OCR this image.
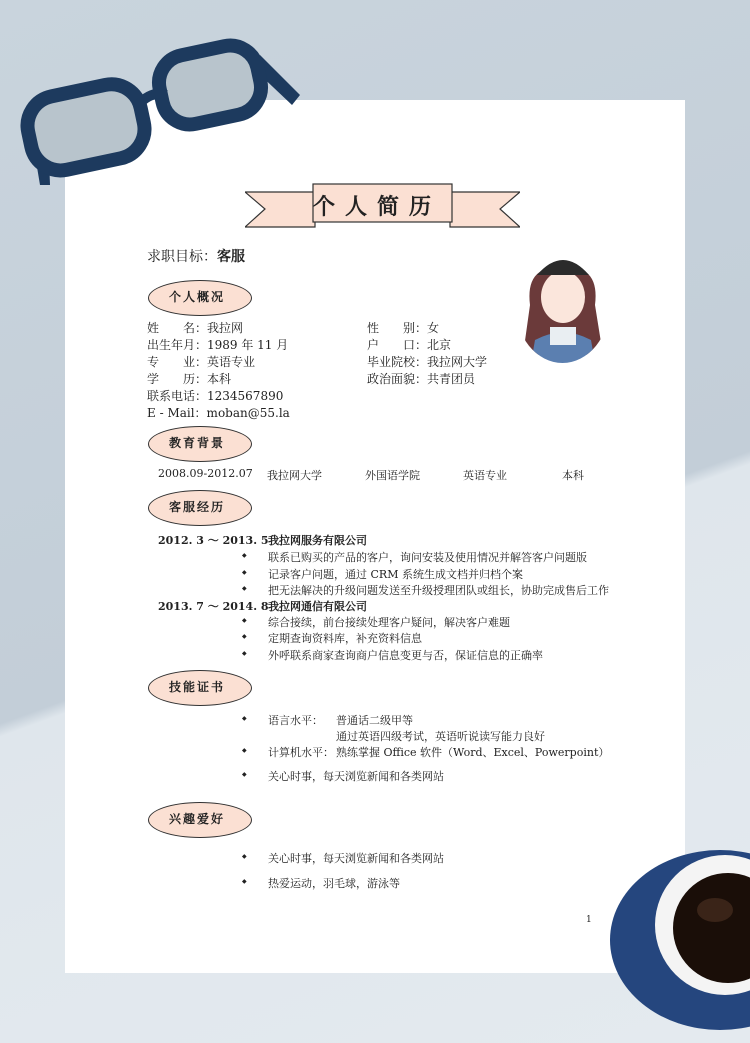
个人简历
求职目标：客服
个人概况
姓　　名：我拉网
出生年月：1989 年 11 月
专　　业：英语专业
学　　历：本科
联系电话：1234567890
E - Mail：moban@55.la
性　　别：女
户　　口：北京
毕业院校：我拉网大学
政治面貌：共青团员
教育背景
2008.09-2012.07 我拉网大学	外国语学院	英语专业	本科
客服经历
2012. 3 ～ 2013. 5 我拉网服务有限公司
◆ 联系已购买的产品的客户，询问安装及使用情况并解答客户问题版
◆ 记录客户问题，通过 CRM 系统生成文档并归档个案
◆ 把无法解决的升级问题发送至升级授理团队或组长，协助完成售后工作
2013. 7 ～ 2014. 8 我拉网通信有限公司
◆ 综合接续，前台接续处理客户疑问，解决客户难题
◆ 定期查询资料库，补充资料信息
◆ 外呼联系商家查询商户信息变更与否，保证信息的正确率
技能证书
◆ 语言水平： 普通话二级甲等
通过英语四级考试，英语听说读写能力良好
◆ 计算机水平： 熟练掌握 Office 软件（Word、Excel、Powerpoint）
◆ 关心时事，每天浏览新闻和各类网站
兴趣爱好
◆ 关心时事，每天浏览新闻和各类网站
◆ 热爱运动，羽毛球，游泳等
1
